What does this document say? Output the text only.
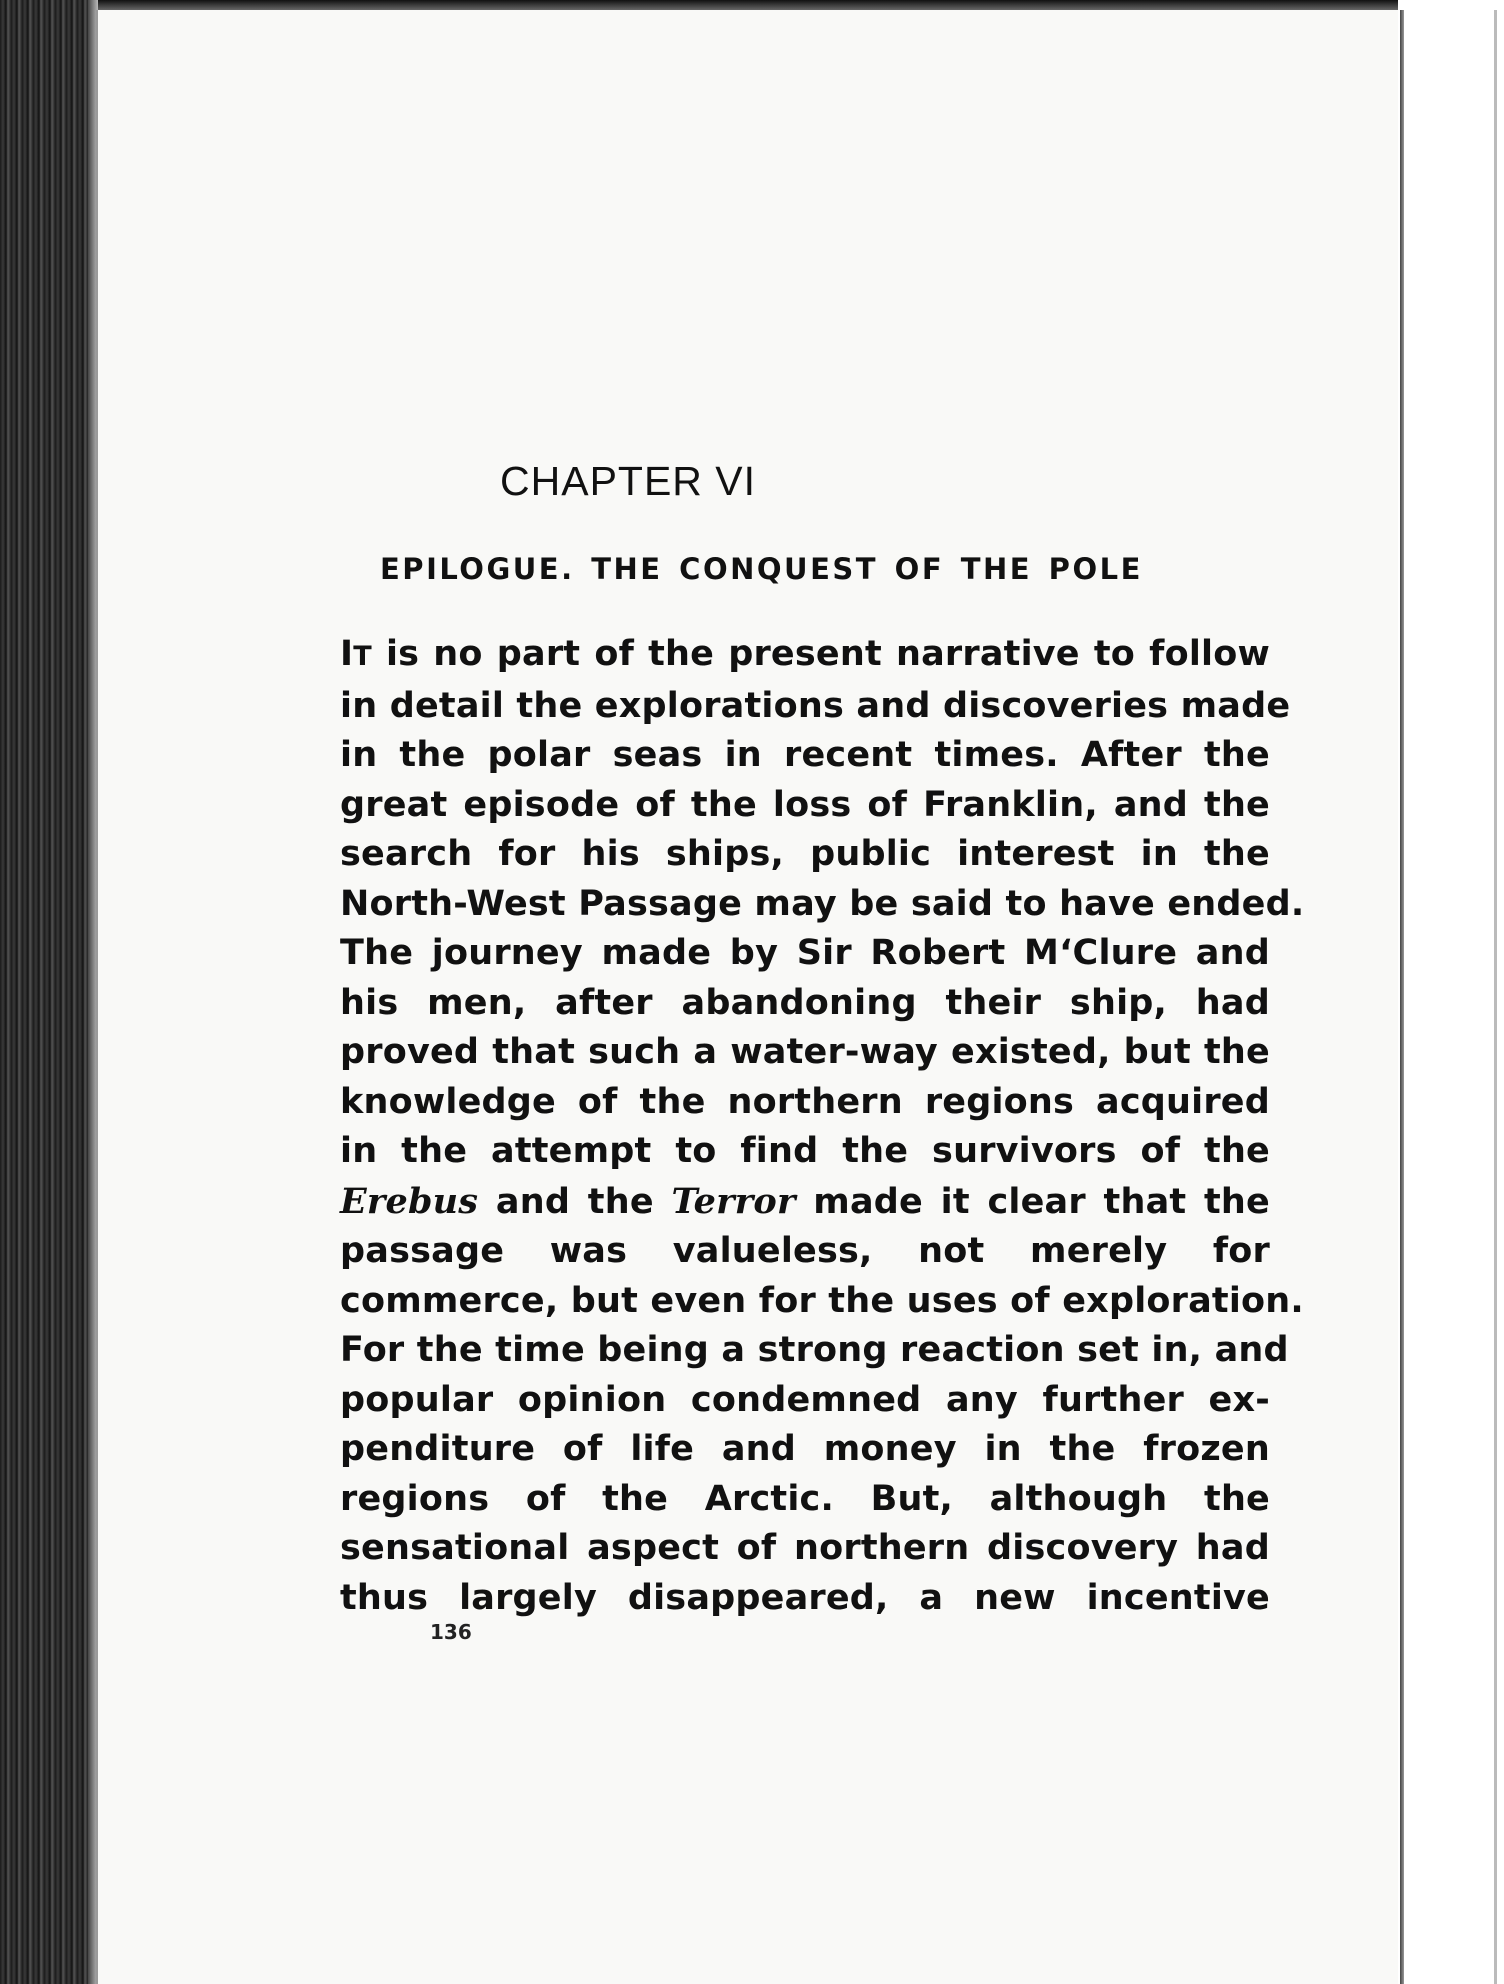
CHAPTER VI
EPILOGUE. THE CONQUEST OF THE POLE
IT is no part of the present narrative to follow
in detail the explorations and discoveries made
in the polar seas in recent times. After the
great episode of the loss of Franklin, and the
search for his ships, public interest in the
North-West Passage may be said to have ended.
The journey made by Sir Robert M‘Clure and
his men, after abandoning their ship, had
proved that such a water-way existed, but the
knowledge of the northern regions acquired
in the attempt to find the survivors of the
Erebus and the Terror made it clear that the
passage was valueless, not merely for
commerce, but even for the uses of exploration.
For the time being a strong reaction set in, and
popular opinion condemned any further ex-
penditure of life and money in the frozen
regions of the Arctic. But, although the
sensational aspect of northern discovery had
thus largely disappeared, a new incentive
136
